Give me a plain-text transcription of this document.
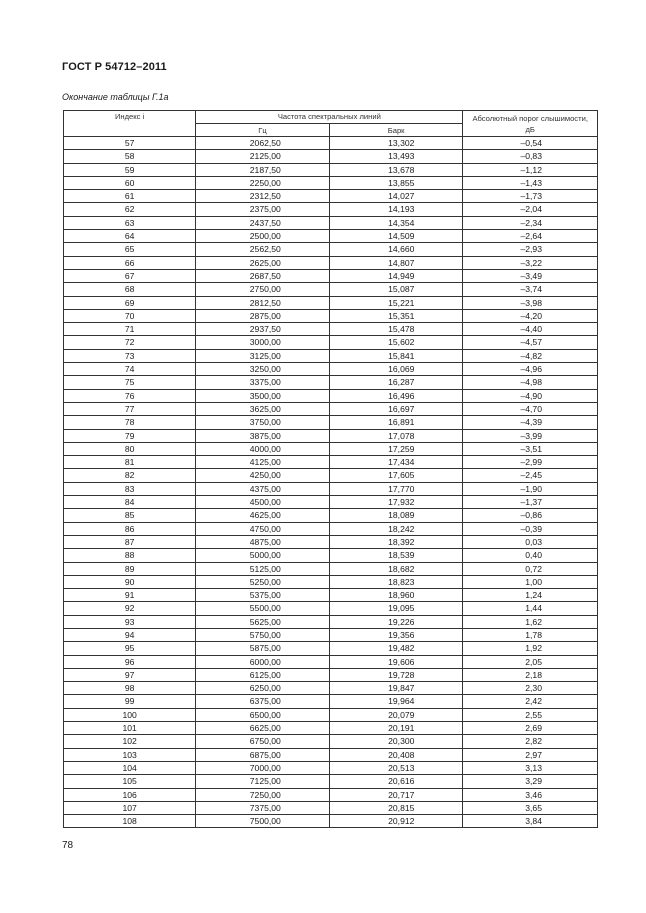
ГОСТ Р 54712–2011
Окончание таблицы Г.1а
Индекс i	Частота спектральных линий		Абсолютный порог слышимости, дБ
	Гц	Барк	
57	2062,50	13,302	–0,54
58	2125,00	13,493	–0,83
59	2187,50	13,678	–1,12
60	2250,00	13,855	–1,43
61	2312,50	14,027	–1,73
62	2375,00	14,193	–2,04
63	2437,50	14,354	–2,34
64	2500,00	14,509	–2,64
65	2562,50	14,660	–2,93
66	2625,00	14,807	–3,22
67	2687,50	14,949	–3,49
68	2750,00	15,087	–3,74
69	2812,50	15,221	–3,98
70	2875,00	15,351	–4,20
71	2937,50	15,478	–4,40
72	3000,00	15,602	–4,57
73	3125,00	15,841	–4,82
74	3250,00	16,069	–4,96
75	3375,00	16,287	–4,98
76	3500,00	16,496	–4,90
77	3625,00	16,697	–4,70
78	3750,00	16,891	–4,39
79	3875,00	17,078	–3,99
80	4000,00	17,259	–3,51
81	4125,00	17,434	–2,99
82	4250,00	17,605	–2,45
83	4375,00	17,770	–1,90
84	4500,00	17,932	–1,37
85	4625,00	18,089	–0,86
86	4750,00	18,242	–0,39
87	4875,00	18,392	0,03
88	5000,00	18,539	0,40
89	5125,00	18,682	0,72
90	5250,00	18,823	1,00
91	5375,00	18,960	1,24
92	5500,00	19,095	1,44
93	5625,00	19,226	1,62
94	5750,00	19,356	1,78
95	5875,00	19,482	1,92
96	6000,00	19,606	2,05
97	6125,00	19,728	2,18
98	6250,00	19,847	2,30
99	6375,00	19,964	2,42
100	6500,00	20,079	2,55
101	6625,00	20,191	2,69
102	6750,00	20,300	2,82
103	6875,00	20,408	2,97
104	7000,00	20,513	3,13
105	7125,00	20,616	3,29
106	7250,00	20,717	3,46
107	7375,00	20,815	3,65
108	7500,00	20,912	3,84
78
